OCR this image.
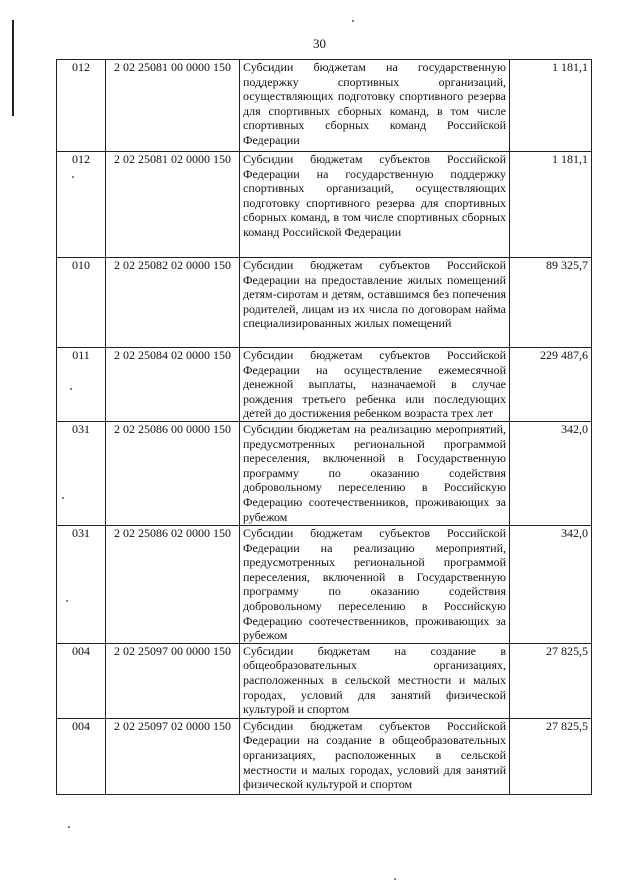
30
012	2 02 25081 00 0000 150	Субсидии бюджетам на государственную поддержку спортивных организаций, осуществляющих подготовку спортивного резерва для спортивных сборных команд, в том числе спортивных сборных команд Российской Федерации	1 181,1
012	2 02 25081 02 0000 150	Субсидии бюджетам субъектов Российской Федерации на государственную поддержку спортивных организаций, осуществляющих подготовку спортивного резерва для спортивных сборных команд, в том числе спортивных сборных команд Российской Федерации	1 181,1
010	2 02 25082 02 0000 150	Субсидии бюджетам субъектов Российской Федерации на предоставление жилых помещений детям-сиротам и детям, оставшимся без попечения родителей, лицам из их числа по договорам найма специализированных жилых помещений	89 325,7
011	2 02 25084 02 0000 150	Субсидии бюджетам субъектов Российской Федерации на осуществление ежемесячной денежной выплаты, назначаемой в случае рождения третьего ребенка или последующих детей до достижения ребенком возраста трех лет	229 487,6
031	2 02 25086 00 0000 150	Субсидии бюджетам на реализацию мероприятий, предусмотренных региональной программой переселения, включенной в Государственную программу по оказанию содействия добровольному переселению в Российскую Федерацию соотечественников, проживающих за рубежом	342,0
031	2 02 25086 02 0000 150	Субсидии бюджетам субъектов Российской Федерации на реализацию мероприятий, предусмотренных региональной программой переселения, включенной в Государственную программу по оказанию содействия добровольному переселению в Российскую Федерацию соотечественников, проживающих за рубежом	342,0
004	2 02 25097 00 0000 150	Субсидии бюджетам на создание в общеобразовательных организациях, расположенных в сельской местности и малых городах, условий для занятий физической культурой и спортом	27 825,5
004	2 02 25097 02 0000 150	Субсидии бюджетам субъектов Российской Федерации на создание в общеобразовательных организациях, расположенных в сельской местности и малых городах, условий для занятий физической культурой и спортом	27 825,5
